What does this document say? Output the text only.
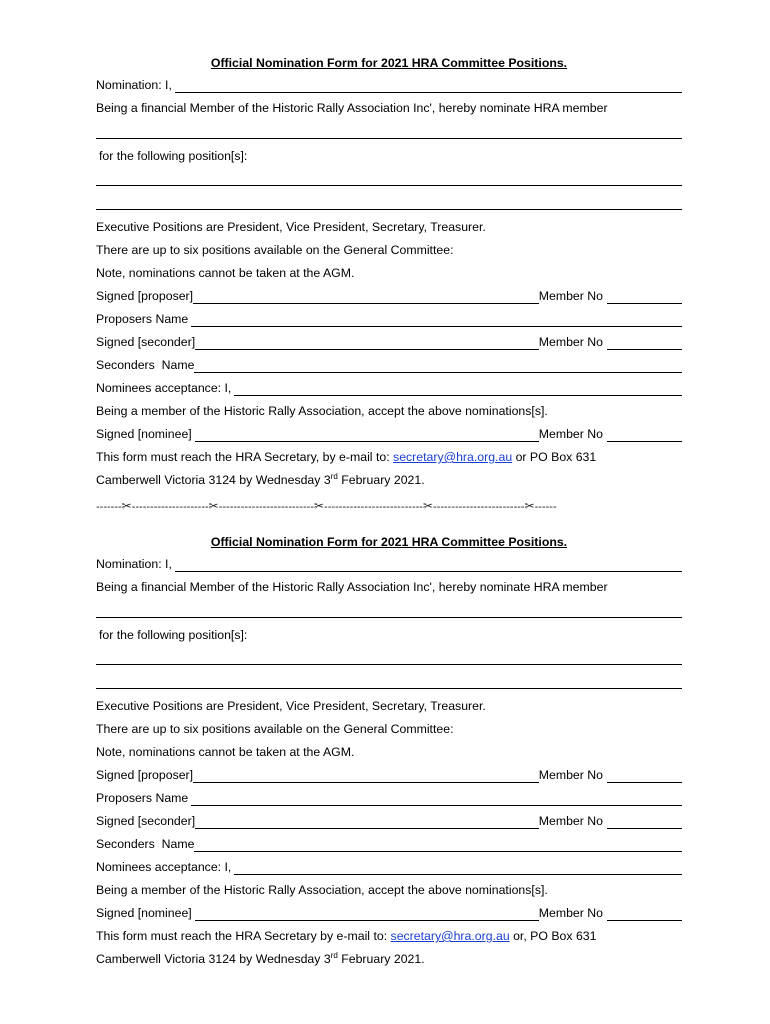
Official Nomination Form for 2021 HRA Committee Positions.
Nomination: I,
Being a financial Member of the Historic Rally Association Inc', hereby nominate HRA member
for the following position[s]:
Executive Positions are President, Vice President, Secretary, Treasurer.
There are up to six positions available on the General Committee:
Note, nominations cannot be taken at the AGM.
Signed [proposer]	Member No
Proposers Name
Signed [seconder]	Member No
Seconders  Name
Nominees acceptance: I,
Being a member of the Historic Rally Association, accept the above nominations[s].
Signed [nominee]	Member No
This form must reach the HRA Secretary, by e-mail to: secretary@hra.org.au or PO Box 631
Camberwell Victoria 3124 by Wednesday 3rd February 2021.
-------✂---------------------✂--------------------------✂---------------------------✂-------------------------✂------
Official Nomination Form for 2021 HRA Committee Positions.
Nomination: I,
Being a financial Member of the Historic Rally Association Inc', hereby nominate HRA member
for the following position[s]:
Executive Positions are President, Vice President, Secretary, Treasurer.
There are up to six positions available on the General Committee:
Note, nominations cannot be taken at the AGM.
Signed [proposer]	Member No
Proposers Name
Signed [seconder]	Member No
Seconders  Name
Nominees acceptance: I,
Being a member of the Historic Rally Association, accept the above nominations[s].
Signed [nominee]	Member No
This form must reach the HRA Secretary by e-mail to: secretary@hra.org.au or, PO Box 631
Camberwell Victoria 3124 by Wednesday 3rd February 2021.
